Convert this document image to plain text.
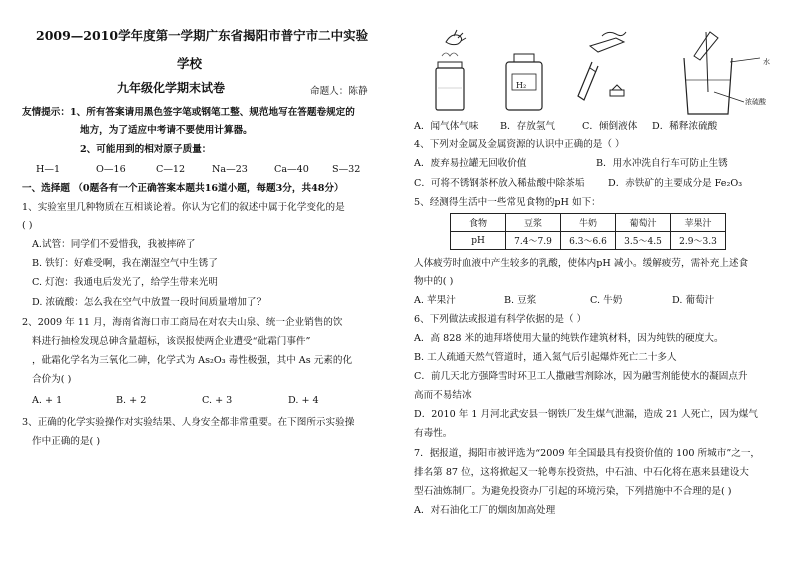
2009—2010学年度第一学期广东省揭阳市普宁市二中实验
学校
九年级化学期末试卷	命题人：陈静
友情提示：1、所有答案请用黑色签字笔或钢笔工整、规范地写在答题卷规定的
地方，为了适应中考请不要使用计算器。
2、可能用到的相对原子质量：
H—1	O—16	C—12	Na—23	Ca—40 S—32
一、选择题 （0题各有一个正确答案本题共16道小题，每题3分，共48分）
1、实验室里几种物质在互相谈论着。你认为它们的叙述中属于化学变化的是
( )
A.试管：同学们不爱惜我，我被摔碎了
B. 铁钉：好难受啊，我在潮湿空气中生锈了
C. 灯泡：我通电后发光了，给学生带来光明
D. 浓硫酸：怎么我在空气中放置一段时间质量增加了？
2、2009 年 11 月，海南省海口市工商局在对农夫山泉、统一企业销售的饮
料进行抽检发现总砷含量超标，该误报使两企业遭受“砒霜门事件”
，砒霜化学名为三氧化二砷，化学式为 As₂O₃ 毒性极强，其中 As 元素的化
合价为( )
A. + 1	B. + 2	C. + 3	D. + 4
3、正确的化学实验操作对实验结果、人身安全都非常重要。在下图所示实验操
作中正确的是( )
H₂
水
浓硫酸
A．闻气体气味 B．存放氢气	C．倾倒液体 D．稀释浓硫酸
4、下列对金属及金属资源的认识中正确的是（ ）
A．废弃易拉罐无回收价值	B．用水冲洗自行车可防止生锈
C．可将不锈钢茶杯放入稀盐酸中除茶垢 D．赤铁矿的主要成分是 Fe₂O₃
5、经测得生活中一些常见食物的pH 如下：
食物	豆浆	牛奶	葡萄汁	苹果汁
pH	7.4～7.9	6.3～6.6	3.5～4.5	2.9～3.3
人体疲劳时血液中产生较多的乳酸，使体内pH 减小。缓解疲劳，需补充上述食
物中的( )
A. 苹果汁	B. 豆浆	C. 牛奶	D. 葡萄汁
6、下列做法或报道有科学依据的是（ ）
A．高 828 米的迪拜塔使用大量的纯铁作建筑材料，因为纯铁的硬度大。
B. 工人疏通天然气管道时，通入氮气后引起爆炸死亡二十多人
C．前几天北方强降雪时环卫工人撒融雪剂除冰，因为融雪剂能使水的凝固点升
高而不易结冰
D．2010 年 1 月河北武安县一钢铁厂发生煤气泄漏，造成 21 人死亡，因为煤气
有毒性。
7．据报道，揭阳市被评选为“2009 年全国最具有投资价值的 100 所城市”之一，
排名第 87 位，这将掀起又一轮粤东投资热，中石油、中石化将在惠来县建设大
型石油炼制厂。为避免投资办厂引起的环境污染，下列措施中不合理的是( )
A．对石油化工厂的烟囱加高处理
